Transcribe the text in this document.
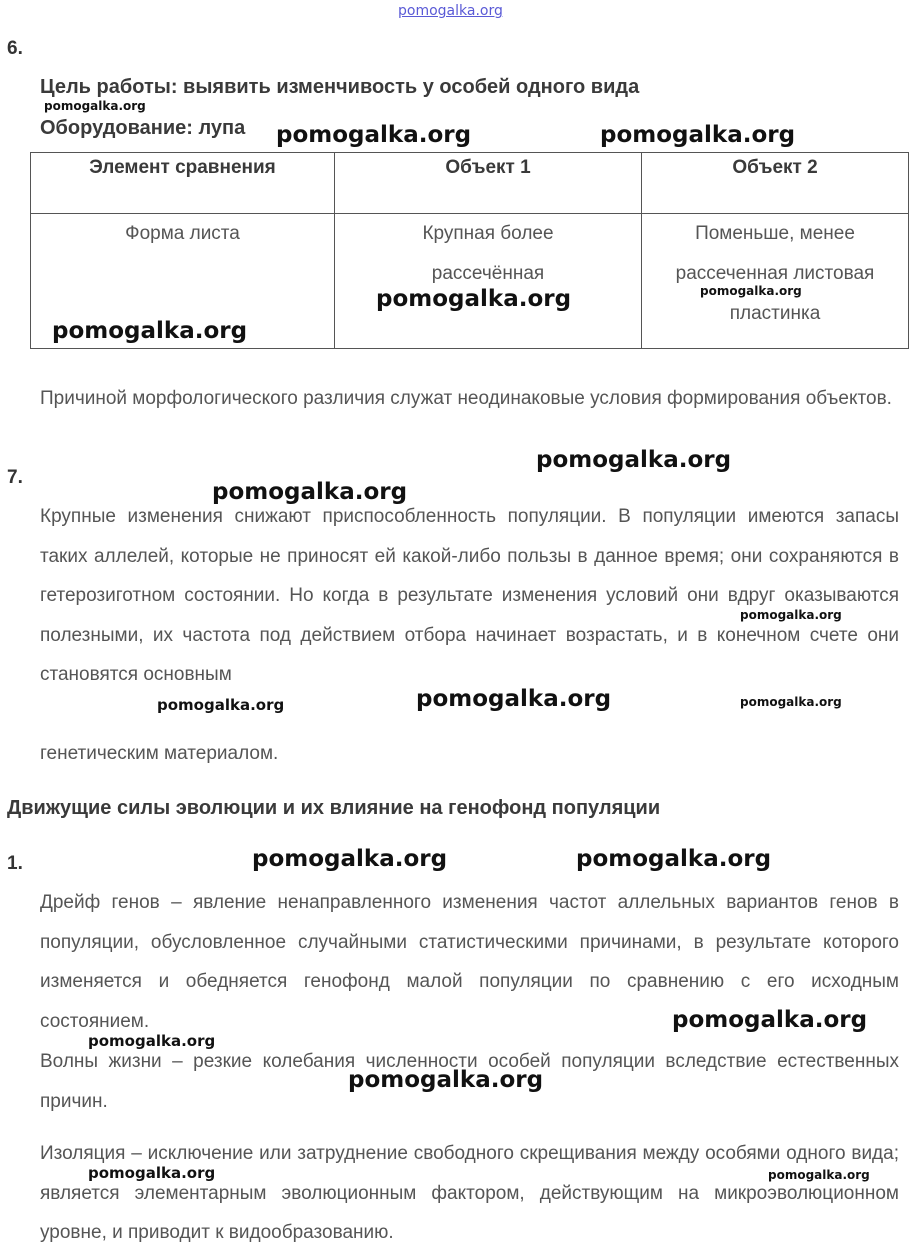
pomogalka.org
6.
Цель работы: выявить изменчивость у особей одного вида
Оборудование: лупа
Элемент сравнения	Объект 1	Объект 2
Форма листа	Крупная более рассечённая	Поменьше, менее рассеченная листовая пластинка
Причиной морфологического различия служат неодинаковые условия формирования объектов.
7.
Крупные изменения снижают приспособленность популяции. В популяции имеются запасы таких аллелей, которые не приносят ей какой-либо пользы в данное время; они сохраняются в гетерозиготном состоянии. Но когда в результате изменения условий они вдруг оказываются полезными, их частота под действием отбора начинает возрастать, и в конечном счете они становятся основным
генетическим материалом.
Движущие силы эволюции и их влияние на генофонд популяции
1.
Дрейф генов – явление ненаправленного изменения частот аллельных вариантов генов в популяции, обусловленное случайными статистическими причинами, в результате которого изменяется и обедняется генофонд малой популяции по сравнению с его исходным состоянием.
Волны жизни – резкие колебания численности особей популяции вследствие естественных причин.
Изоляция – исключение или затруднение свободного скрещивания между особями одного вида; является элементарным эволюционным фактором, действующим на микроэволюционном уровне, и приводит к видообразованию.
pomogalka.org
pomogalka.org	pomogalka.org
pomogalka.org	pomogalka.org
pomogalka.org
pomogalka.org
pomogalka.org
pomogalka.org
pomogalka.org	pomogalka.org	pomogalka.org
pomogalka.org	pomogalka.org
pomogalka.org
pomogalka.org
pomogalka.org
pomogalka.org	pomogalka.org
